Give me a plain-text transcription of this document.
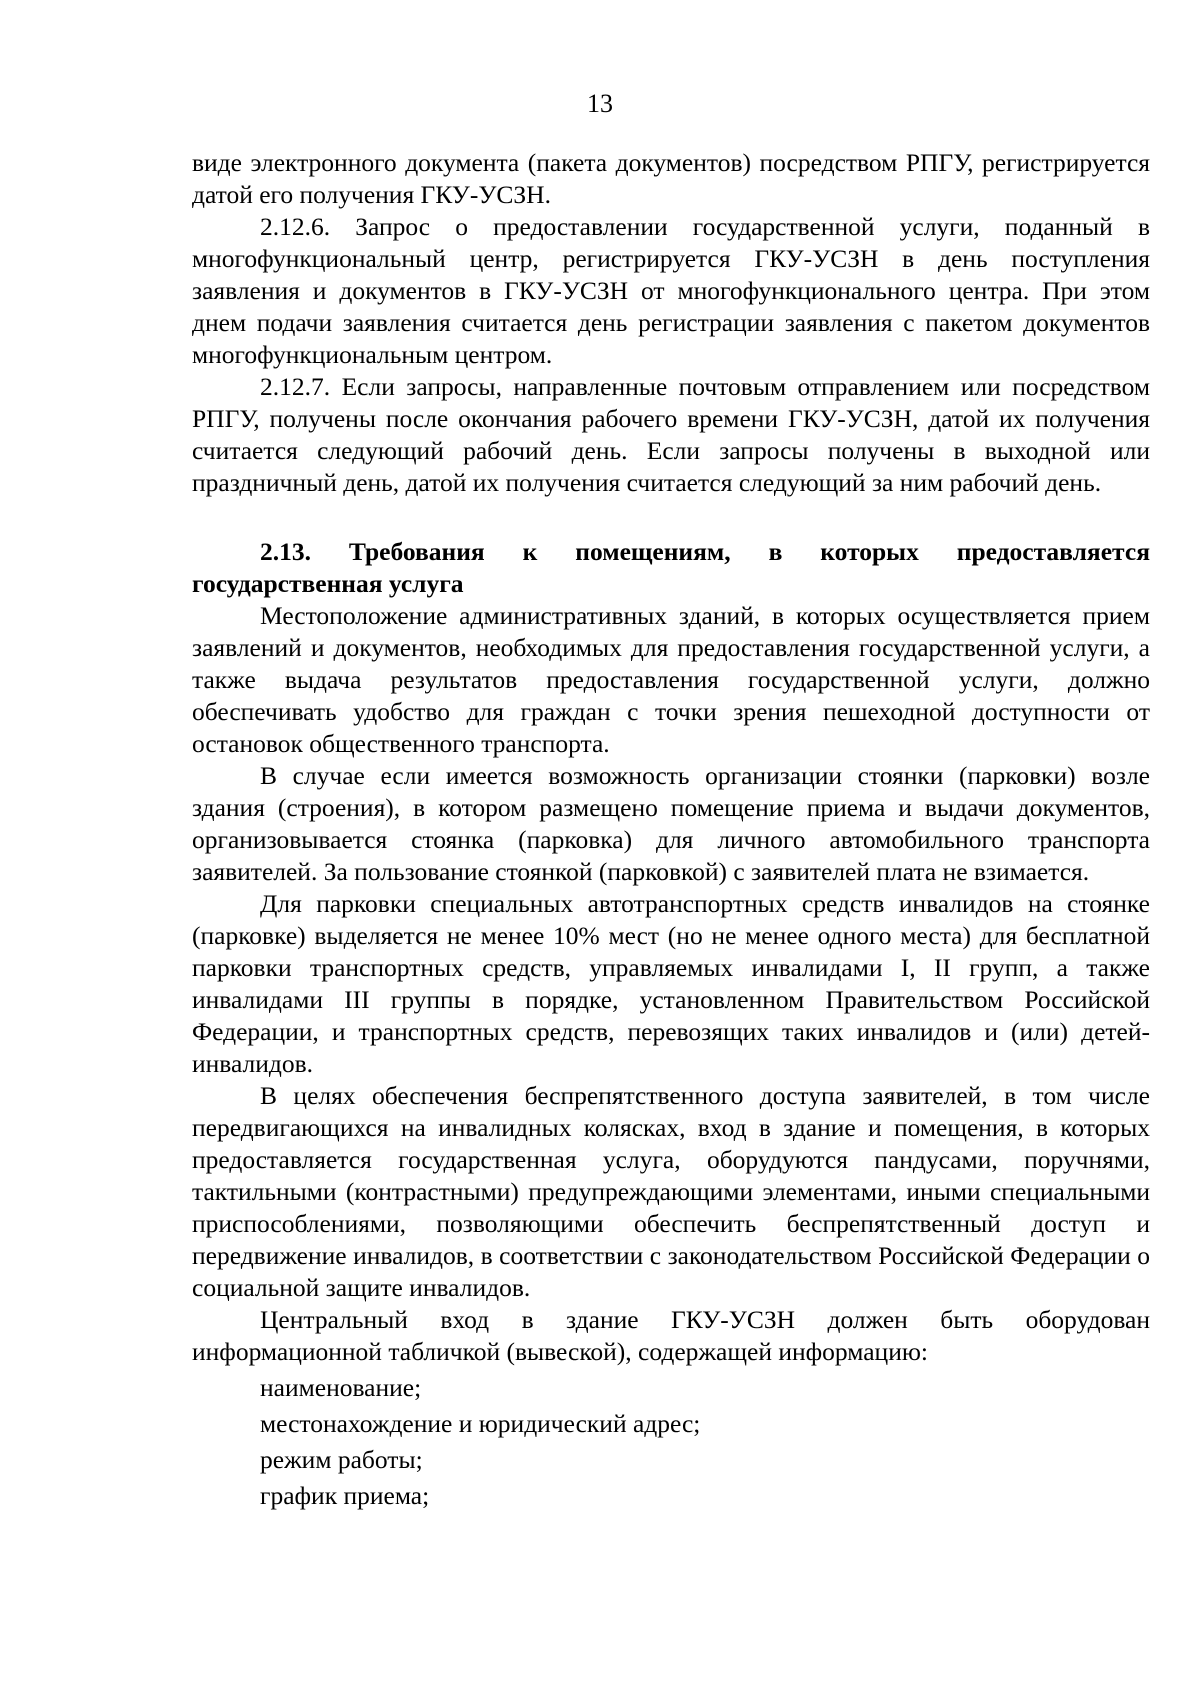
13

виде электронного документа (пакета документов) посредством РПГУ, регистрируется датой его получения ГКУ-УСЗН.

2.12.6. Запрос о предоставлении государственной услуги, поданный в многофункциональный центр, регистрируется ГКУ-УСЗН в день поступления заявления и документов в ГКУ-УСЗН от многофункционального центра. При этом днем подачи заявления считается день регистрации заявления с пакетом документов многофункциональным центром.

2.12.7. Если запросы, направленные почтовым отправлением или посредством РПГУ, получены после окончания рабочего времени ГКУ-УСЗН, датой их получения считается следующий рабочий день. Если запросы получены в выходной или праздничный день, датой их получения считается следующий за ним рабочий день.

2.13. Требования к помещениям, в которых предоставляется государственная услуга

Местоположение административных зданий, в которых осуществляется прием заявлений и документов, необходимых для предоставления государственной услуги, а также выдача результатов предоставления государственной услуги, должно обеспечивать удобство для граждан с точки зрения пешеходной доступности от остановок общественного транспорта.

В случае если имеется возможность организации стоянки (парковки) возле здания (строения), в котором размещено помещение приема и выдачи документов, организовывается стоянка (парковка) для личного автомобильного транспорта заявителей. За пользование стоянкой (парковкой) с заявителей плата не взимается.

Для парковки специальных автотранспортных средств инвалидов на стоянке (парковке) выделяется не менее 10% мест (но не менее одного места) для бесплатной парковки транспортных средств, управляемых инвалидами I, II групп, а также инвалидами III группы в порядке, установленном Правительством Российской Федерации, и транспортных средств, перевозящих таких инвалидов и (или) детей-инвалидов.

В целях обеспечения беспрепятственного доступа заявителей, в том числе передвигающихся на инвалидных колясках, вход в здание и помещения, в которых предоставляется государственная услуга, оборудуются пандусами, поручнями, тактильными (контрастными) предупреждающими элементами, иными специальными приспособлениями, позволяющими обеспечить беспрепятственный доступ и передвижение инвалидов, в соответствии с законодательством Российской Федерации о социальной защите инвалидов.

Центральный вход в здание ГКУ-УСЗН должен быть оборудован информационной табличкой (вывеской), содержащей информацию:

наименование;

местонахождение и юридический адрес;

режим работы;

график приема;
